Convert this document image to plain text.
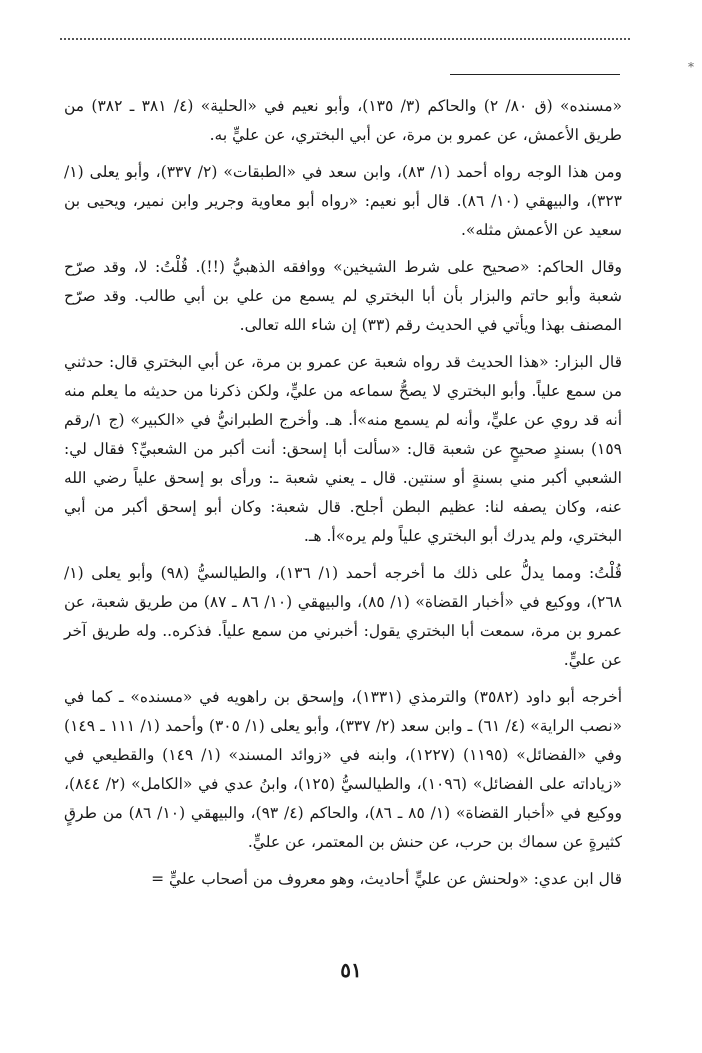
*

«مسنده» (ق ٨٠/ ٢) والحاكم (٣/ ١٣٥)، وأبو نعيم في «الحلية» (٤/ ٣٨١ ـ ٣٨٢) من طريق الأعمش، عن عمرو بن مرة، عن أبي البختري، عن عليٍّ به.

ومن هذا الوجه رواه أحمد (١/ ٨٣)، وابن سعد في «الطبقات» (٢/ ٣٣٧)، وأبو يعلى (١/ ٣٢٣)، والبيهقي (١٠/ ٨٦). قال أبو نعيم: «رواه أبو معاوية وجرير وابن نمير، ويحيى بن سعيد عن الأعمش مثله».

وقال الحاكم: «صحيح على شرط الشيخين» ووافقه الذهبيُّ (!!). قُلْتُ: لا، وقد صرّح شعبة وأبو حاتم والبزار بأن أبا البختري لم يسمع من علي بن أبي طالب. وقد صرّح المصنف بهذا ويأتي في الحديث رقم (٣٣) إن شاء الله تعالى.

قال البزار: «هذا الحديث قد رواه شعبة عن عمرو بن مرة، عن أبي البختري قال: حدثني من سمع علياً. وأبو البختري لا يصحُّ سماعه من عليٍّ، ولكن ذكرنا من حديثه ما يعلم منه أنه قد روي عن عليٍّ، وأنه لم يسمع منه»أ. هـ. وأخرج الطبرانيُّ في «الكبير» (ج ١/رقم ١٥٩) بسندٍ صحيحٍ عن شعبة قال: «سألت أبا إسحق: أنت أكبر من الشعبيِّ؟ فقال لي: الشعبي أكبر مني بسنةٍ أو سنتين. قال ـ يعني شعبة ـ: ورأى بو إسحق علياً رضي الله عنه، وكان يصفه لنا: عظيم البطن أجلح. قال شعبة: وكان أبو إسحق أكبر من أبي البختري، ولم يدرك أبو البختري علياً ولم يره»أ. هـ.

قُلْتُ: ومما يدلُّ على ذلك ما أخرجه أحمد (١/ ١٣٦)، والطيالسيُّ (٩٨) وأبو يعلى (١/ ٢٦٨)، ووكيع في «أخبار القضاة» (١/ ٨٥)، والبيهقي (١٠/ ٨٦ ـ ٨٧) من طريق شعبة، عن عمرو بن مرة، سمعت أبا البختري يقول: أخبرني من سمع علياً. فذكره.. وله طريق آخر عن عليٍّ.

أخرجه أبو داود (٣٥٨٢) والترمذي (١٣٣١)، وإسحق بن راهويه في «مسنده» ـ كما في «نصب الراية» (٤/ ٦١) ـ وابن سعد (٢/ ٣٣٧)، وأبو يعلى (١/ ٣٠٥) وأحمد (١/ ١١١ ـ ١٤٩) وفي «الفضائل» (١١٩٥) (١٢٢٧)، وابنه في «زوائد المسند» (١/ ١٤٩) والقطيعي في «زياداته على الفضائل» (١٠٩٦)، والطيالسيُّ (١٢٥)، وابنُ عدي في «الكامل» (٢/ ٨٤٤)، ووكيع في «أخبار القضاة» (١/ ٨٥ ـ ٨٦)، والحاكم (٤/ ٩٣)، والبيهقي (١٠/ ٨٦) من طرقٍ كثيرةٍ عن سماك بن حرب، عن حنش بن المعتمر، عن عليٍّ.

قال ابن عدي: «ولحنش عن عليٍّ أحاديث، وهو معروف من أصحاب عليٍّ =

٥١
